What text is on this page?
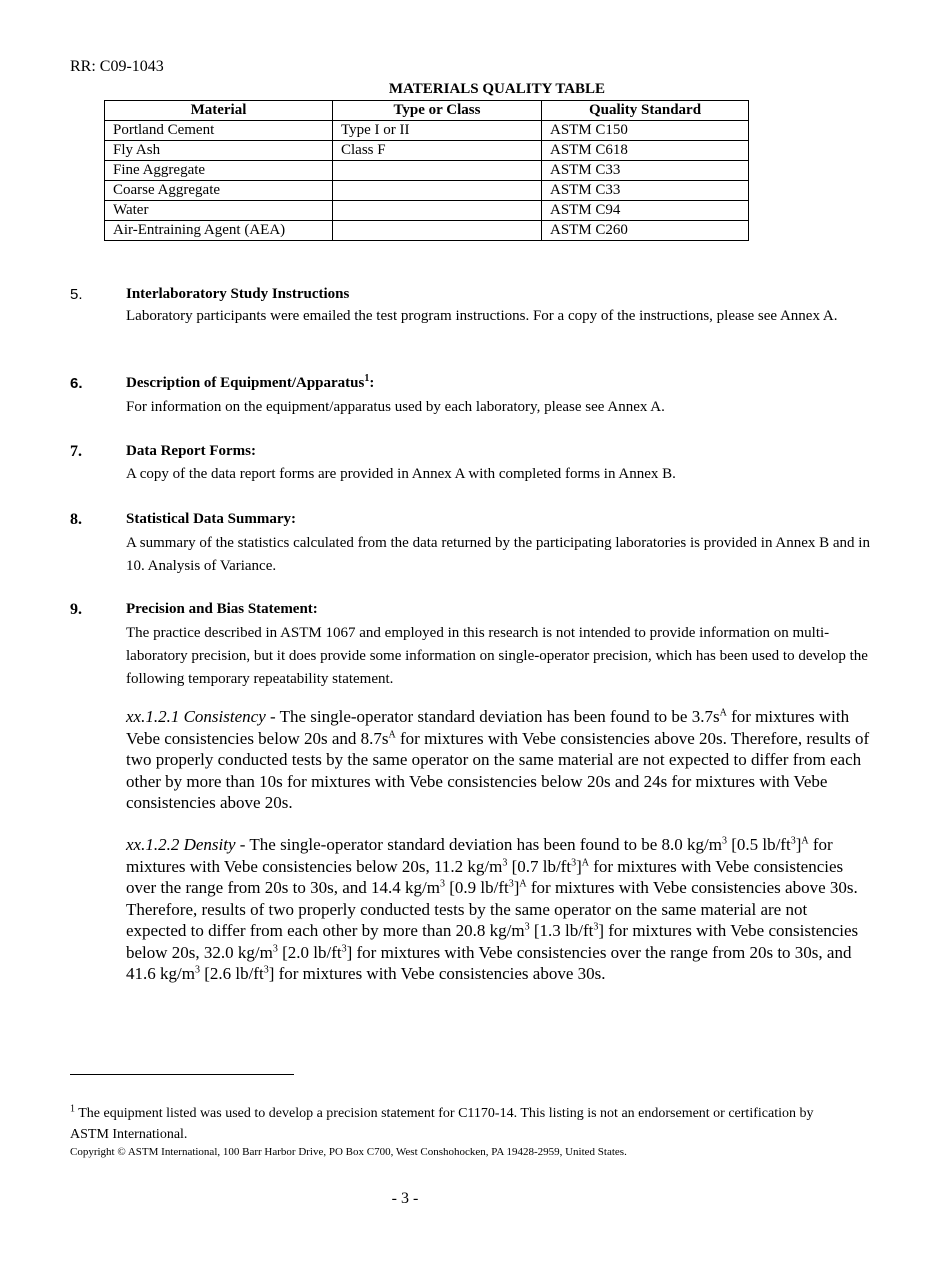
RR: C09-1043
MATERIALS QUALITY TABLE
Material	Type or Class	Quality Standard
Portland Cement	Type I or II	ASTM C150
Fly Ash	Class F	ASTM C618
Fine Aggregate		ASTM C33
Coarse Aggregate		ASTM C33
Water		ASTM C94
Air-Entraining Agent (AEA)		ASTM C260
5.	Interlaboratory Study Instructions
Laboratory participants were emailed the test program instructions. For a copy of the instructions, please see Annex A.
6.	Description of Equipment/Apparatus$^1$:
For information on the equipment/apparatus used by each laboratory, please see Annex A.
7.	Data Report Forms:
A copy of the data report forms are provided in Annex A with completed forms in Annex B.
8.	Statistical Data Summary:
A summary of the statistics calculated from the data returned by the participating laboratories is provided in Annex B and in 10. Analysis of Variance.
9.	Precision and Bias Statement:
The practice described in ASTM 1067 and employed in this research is not intended to provide information on multi-laboratory precision, but it does provide some information on single-operator precision, which has been used to develop the following temporary repeatability statement.
xx.1.2.1 Consistency - The single-operator standard deviation has been found to be $3.7s^A$ for mixtures with Vebe consistencies below 20s and $8.7s^A$ for mixtures with Vebe consistencies above 20s. Therefore, results of two properly conducted tests by the same operator on the same material are not expected to differ from each other by more than 10s for mixtures with Vebe consistencies below 20s and 24s for mixtures with Vebe consistencies above 20s.
xx.1.2.2 Density - The single-operator standard deviation has been found to be 8.0 $kg/m^3$ [0.5 $lb/ft^3]^A$ for mixtures with Vebe consistencies below 20s, 11.2 $kg/m^3$ [0.7 $lb/ft^3]^A$ for mixtures with Vebe consistencies over the range from 20s to 30s, and 14.4 $kg/m^3$ [0.9 $lb/ft^3]^A$ for mixtures with Vebe consistencies above 30s. Therefore, results of two properly conducted tests by the same operator on the same material are not expected to differ from each other by more than 20.8 $kg/m^3$ [1.3 $lb/ft^3$] for mixtures with Vebe consistencies below 20s, 32.0 $kg/m^3$ [2.0 $lb/ft^3$] for mixtures with Vebe consistencies over the range from 20s to 30s, and 41.6 $kg/m^3$ [2.6 $lb/ft^3$] for mixtures with Vebe consistencies above 30s.
$^1$ The equipment listed was used to develop a precision statement for C1170-14. This listing is not an endorsement or certification by ASTM International.
Copyright © ASTM International, 100 Barr Harbor Drive, PO Box C700, West Conshohocken, PA 19428-2959, United States.
- 3 -
